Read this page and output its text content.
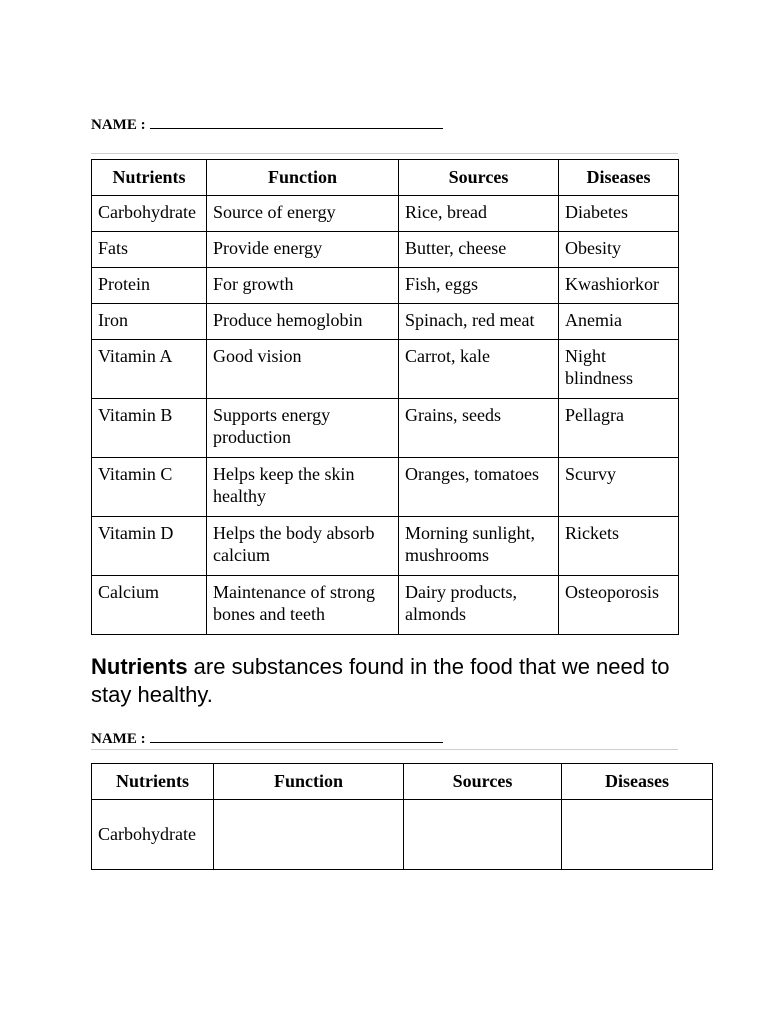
NAME :
Nutrients	Function	Sources	Diseases
Carbohydrate	Source of energy	Rice, bread	Diabetes
Fats	Provide energy	Butter, cheese	Obesity
Protein	For growth	Fish, eggs	Kwashiorkor
Iron	Produce hemoglobin	Spinach, red meat	Anemia
Vitamin A	Good vision	Carrot, kale	Night blindness
Vitamin B	Supports energy production	Grains, seeds	Pellagra
Vitamin C	Helps keep the skin healthy	Oranges, tomatoes	Scurvy
Vitamin D	Helps the body absorb calcium	Morning sunlight, mushrooms	Rickets
Calcium	Maintenance of strong bones and teeth	Dairy products, almonds	Osteoporosis

Nutrients are substances found in the food that we need to stay healthy.

NAME :
Nutrients	Function	Sources	Diseases
Carbohydrate			
